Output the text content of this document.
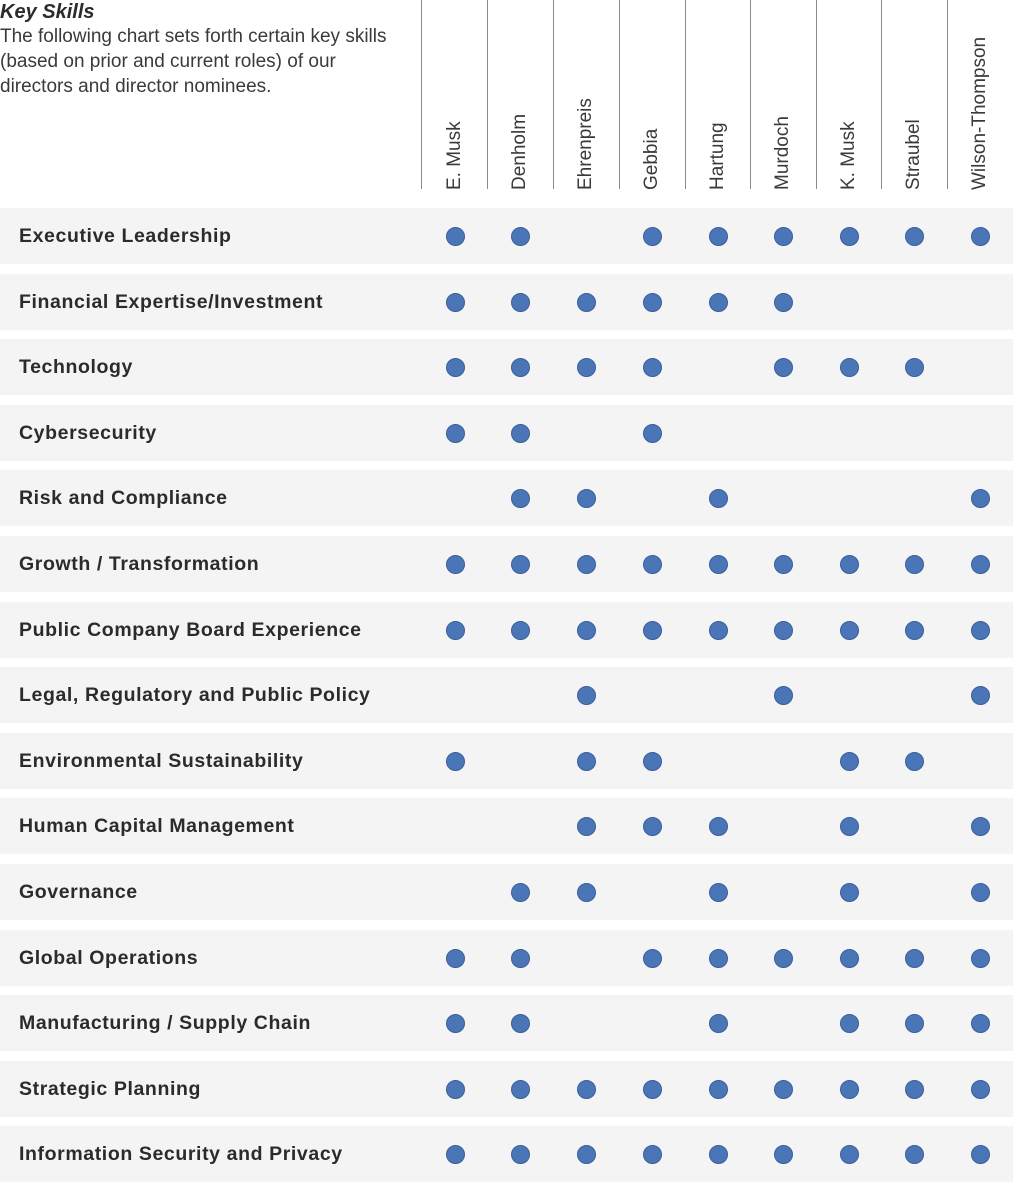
Key Skills

The following chart sets forth certain key skills (based on prior and current roles) of our directors and director nominees.

E. Musk Denholm Ehrenpreis Gebbia Hartung Murdoch K. Musk Straubel Wilson-Thompson
Executive Leadership
Financial Expertise/Investment
Technology
Cybersecurity
Risk and Compliance
Growth / Transformation
Public Company Board Experience
Legal, Regulatory and Public Policy
Environmental Sustainability
Human Capital Management
Governance
Global Operations
Manufacturing / Supply Chain
Strategic Planning
Information Security and Privacy
